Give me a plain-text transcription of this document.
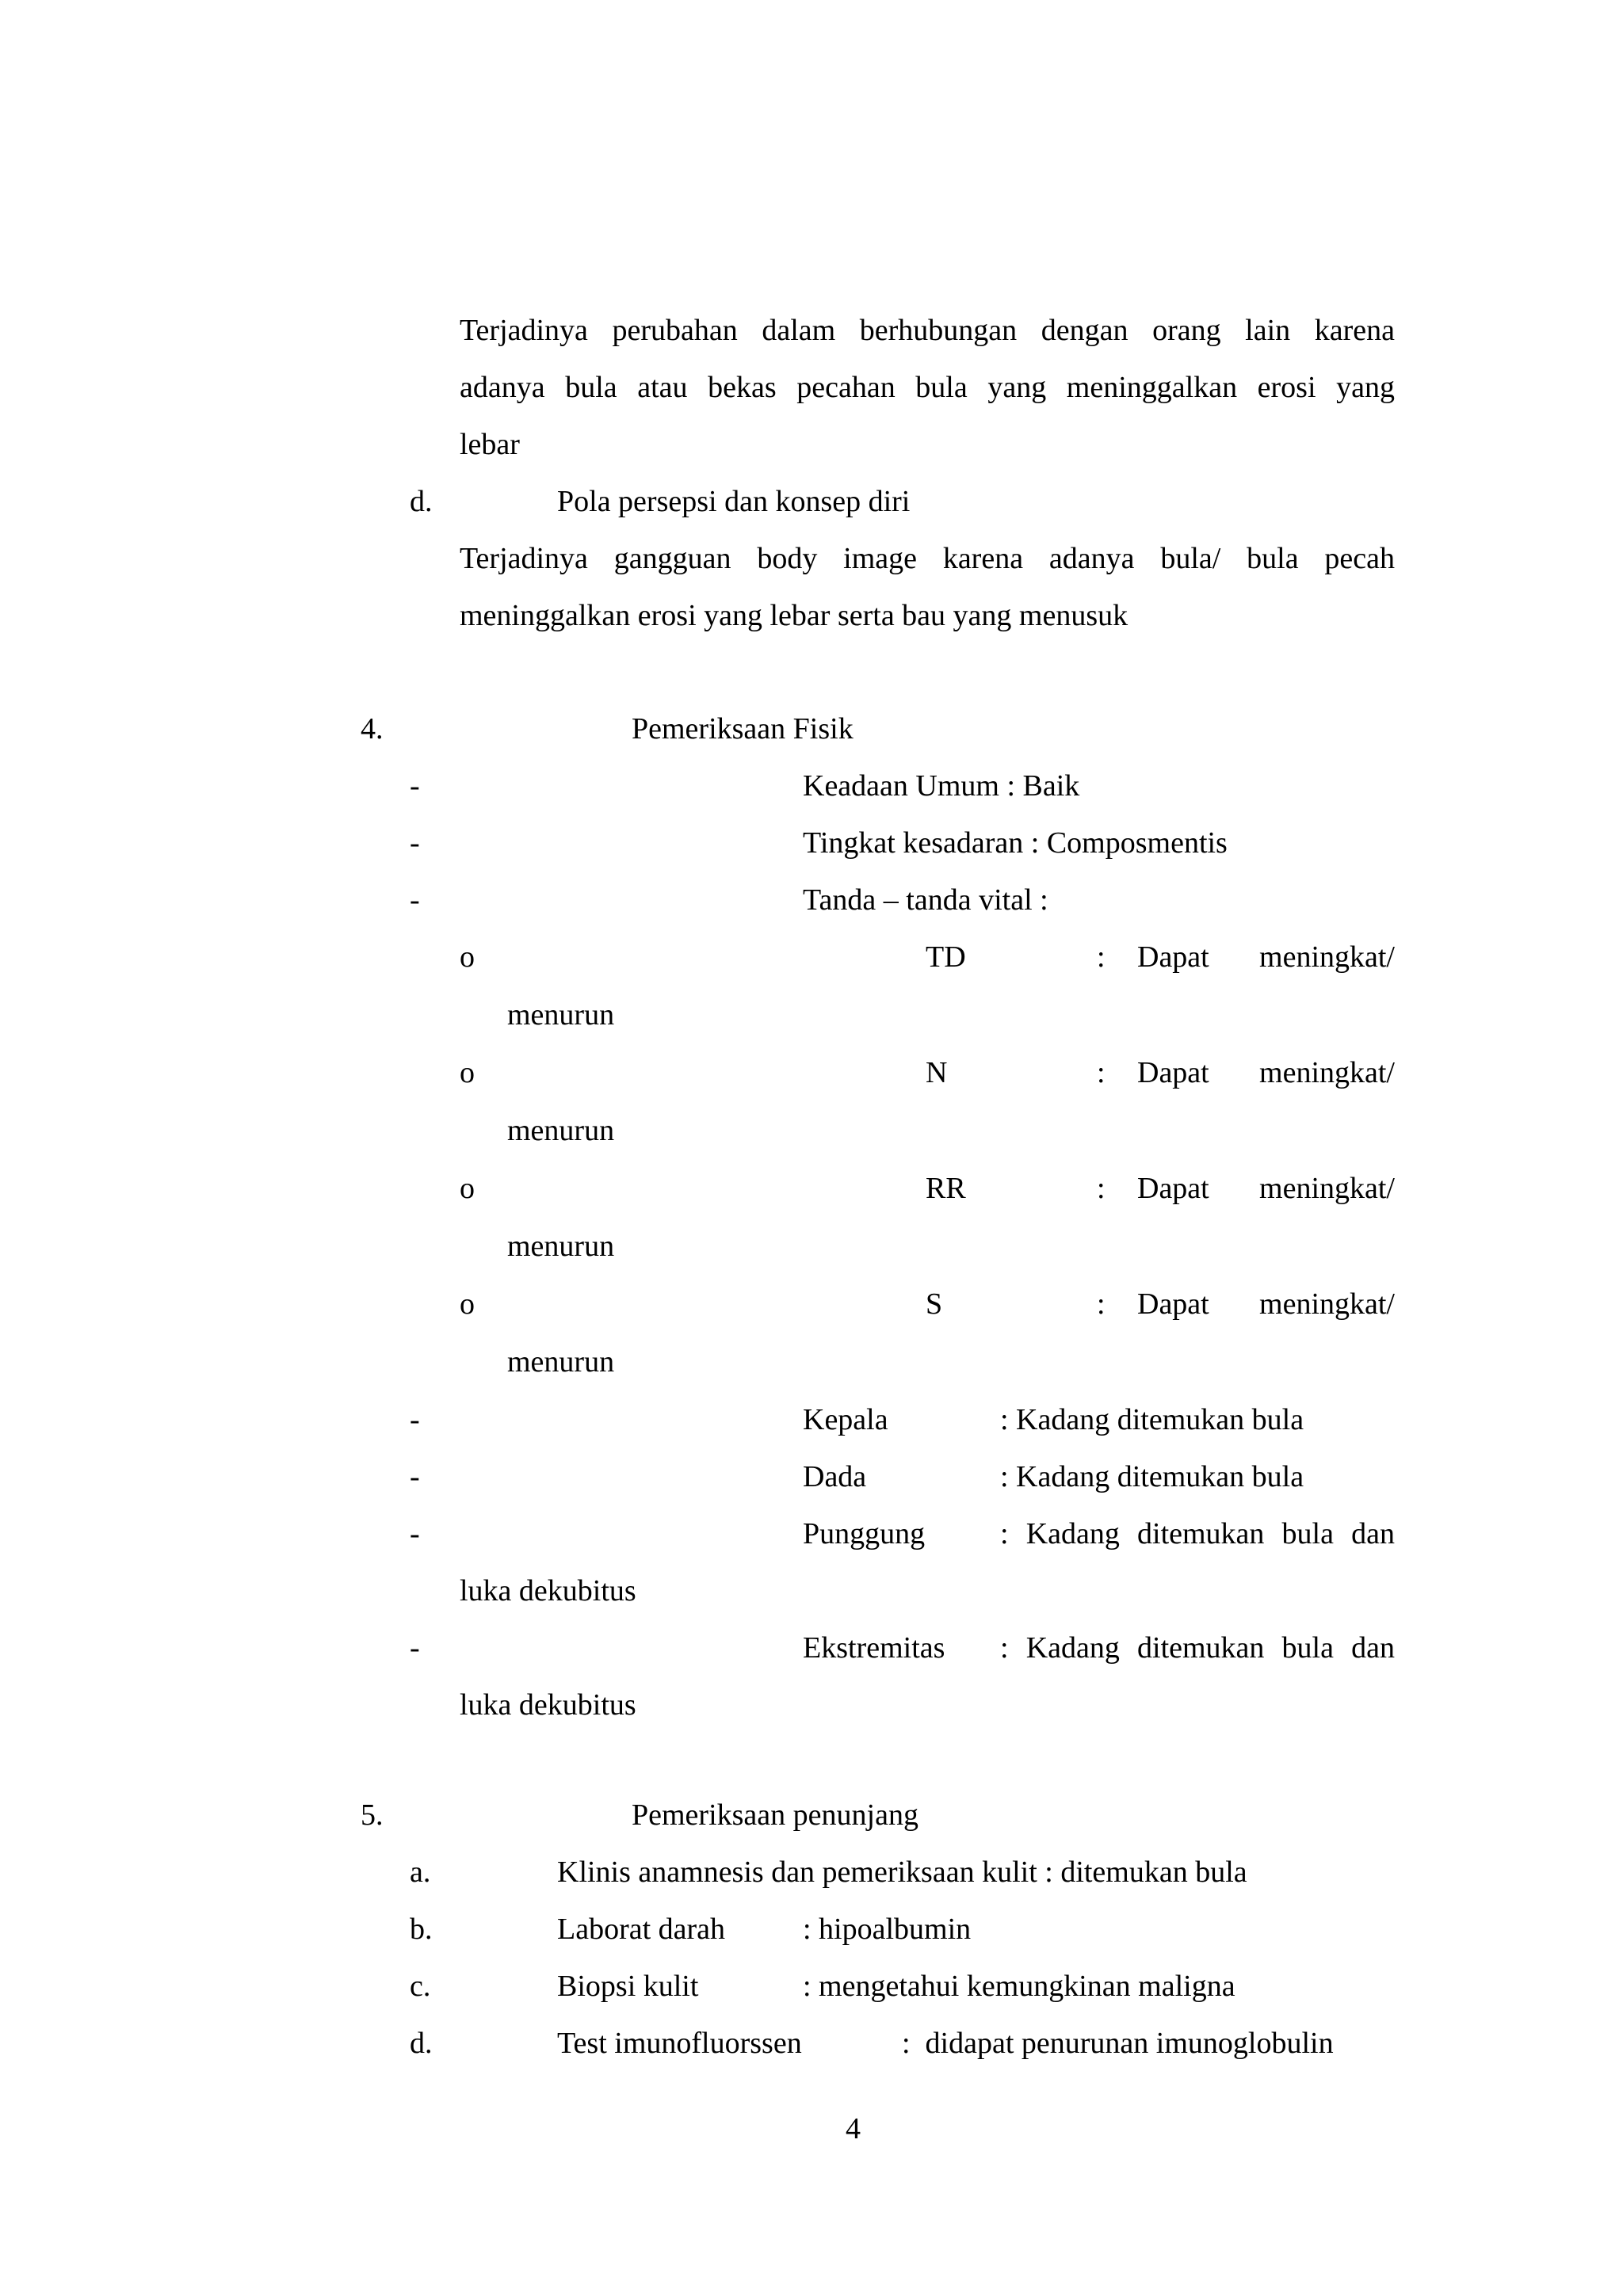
Terjadinya perubahan dalam berhubungan dengan orang lain karena
adanya bula atau bekas pecahan bula yang meninggalkan erosi yang
lebar
d.	Pola persepsi dan konsep diri
Terjadinya gangguan body image karena adanya bula/ bula pecah
meninggalkan erosi yang lebar serta bau yang menusuk
4.	Pemeriksaan Fisik
-	Keadaan Umum : Baik
-	Tingkat kesadaran : Composmentis
-	Tanda – tanda vital :
o	TD	: Dapat meningkat/
menurun
o	N	: Dapat meningkat/
menurun
o	RR	: Dapat meningkat/
menurun
o	S	: Dapat meningkat/
menurun
-	Kepala	: Kadang ditemukan bula
-	Dada	: Kadang ditemukan bula
-	Punggung : Kadang ditemukan bula dan
luka dekubitus
-	Ekstremitas : Kadang ditemukan bula dan
luka dekubitus
5.	Pemeriksaan penunjang
a.	Klinis anamnesis dan pemeriksaan kulit : ditemukan bula
b.	Laborat darah	: hipoalbumin
c.	Biopsi kulit	: mengetahui kemungkinan maligna
d.	Test imunofluorssen	:  didapat penurunan imunoglobulin
4
